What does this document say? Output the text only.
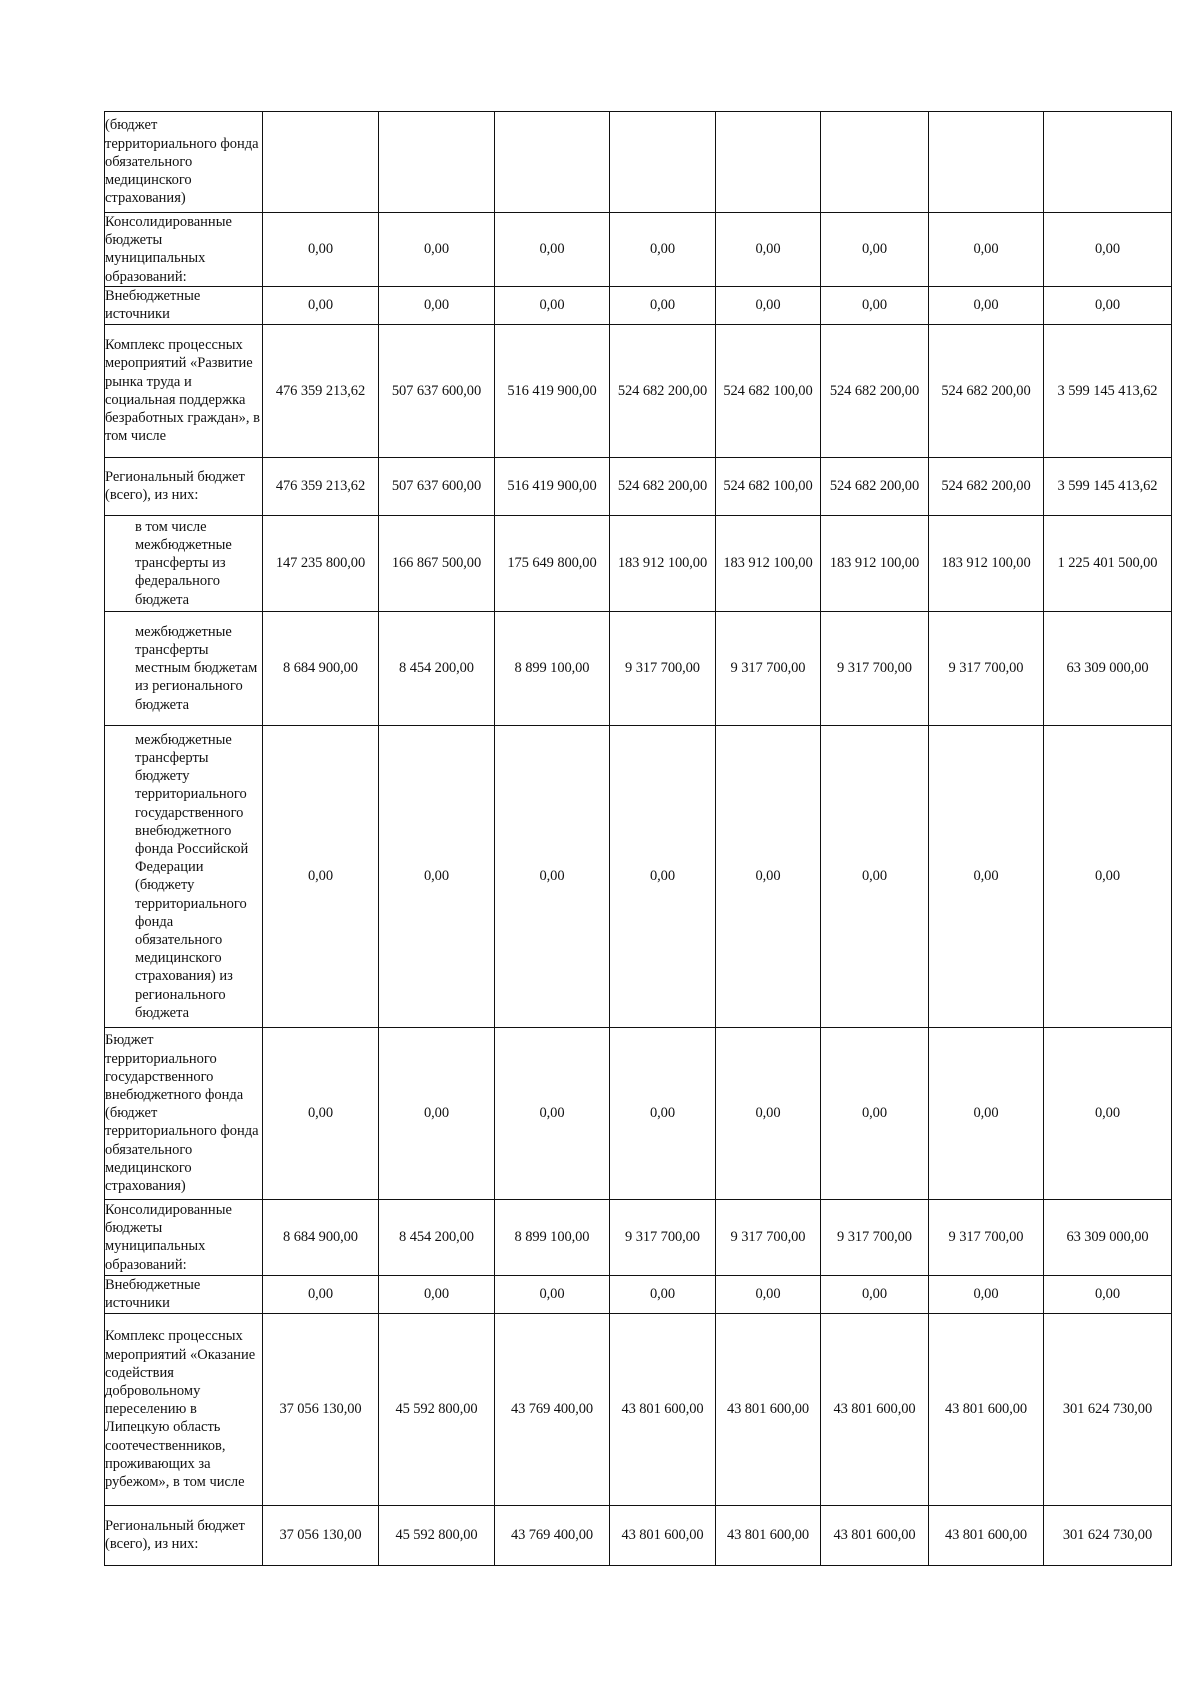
(бюджет территориального фонда обязательного медицинского страхования)								
Консолидированные бюджеты муниципальных образований:	0,00	0,00	0,00	0,00	0,00	0,00	0,00	0,00
Внебюджетные источники	0,00	0,00	0,00	0,00	0,00	0,00	0,00	0,00
Комплекс процессных мероприятий «Развитие рынка труда и социальная поддержка безработных граждан», в том числе	476 359 213,62	507 637 600,00	516 419 900,00	524 682 200,00	524 682 100,00	524 682 200,00	524 682 200,00	3 599 145 413,62
Региональный бюджет (всего), из них:	476 359 213,62	507 637 600,00	516 419 900,00	524 682 200,00	524 682 100,00	524 682 200,00	524 682 200,00	3 599 145 413,62
в том числе межбюджетные трансферты из федерального бюджета	147 235 800,00	166 867 500,00	175 649 800,00	183 912 100,00	183 912 100,00	183 912 100,00	183 912 100,00	1 225 401 500,00
межбюджетные трансферты местным бюджетам из регионального бюджета	8 684 900,00	8 454 200,00	8 899 100,00	9 317 700,00	9 317 700,00	9 317 700,00	9 317 700,00	63 309 000,00
межбюджетные трансферты бюджету территориального государственного внебюджетного фонда Российской Федерации (бюджету территориального фонда обязательного медицинского страхования) из регионального бюджета	0,00	0,00	0,00	0,00	0,00	0,00	0,00	0,00
Бюджет территориального государственного внебюджетного фонда (бюджет территориального фонда обязательного медицинского страхования)	0,00	0,00	0,00	0,00	0,00	0,00	0,00	0,00
Консолидированные бюджеты муниципальных образований:	8 684 900,00	8 454 200,00	8 899 100,00	9 317 700,00	9 317 700,00	9 317 700,00	9 317 700,00	63 309 000,00
Внебюджетные источники	0,00	0,00	0,00	0,00	0,00	0,00	0,00	0,00
Комплекс процессных мероприятий «Оказание содействия добровольному переселению в Липецкую область соотечественников, проживающих за рубежом», в том числе	37 056 130,00	45 592 800,00	43 769 400,00	43 801 600,00	43 801 600,00	43 801 600,00	43 801 600,00	301 624 730,00
Региональный бюджет (всего), из них:	37 056 130,00	45 592 800,00	43 769 400,00	43 801 600,00	43 801 600,00	43 801 600,00	43 801 600,00	301 624 730,00
